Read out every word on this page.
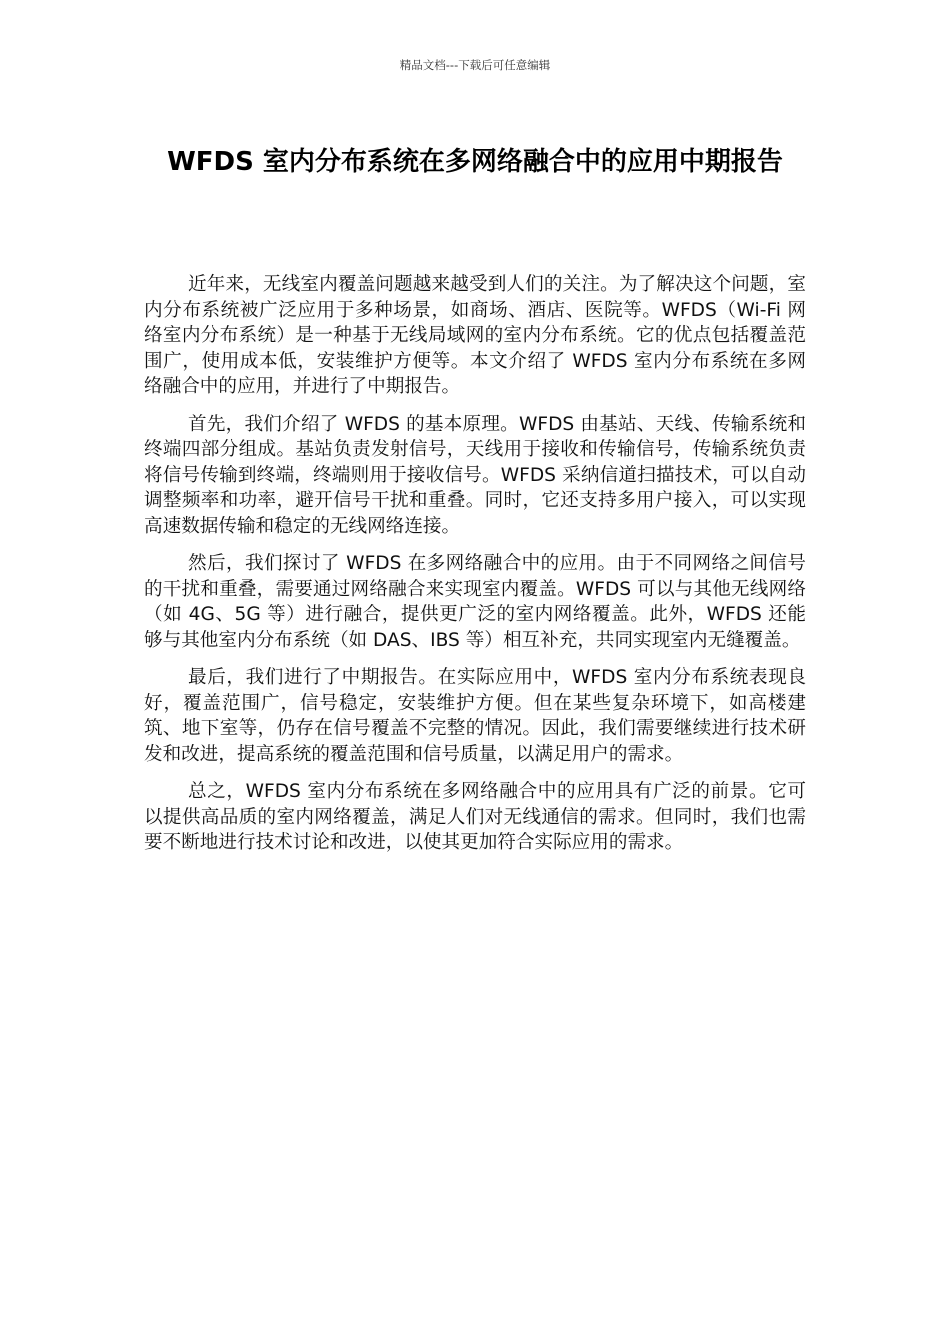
精品文档---下载后可任意编辑
WFDS 室内分布系统在多网络融合中的应用中期报告

近年来，无线室内覆盖问题越来越受到人们的关注。为了解决这个问题，室内分布系统被广泛应用于多种场景，如商场、酒店、医院等。WFDS（Wi-Fi 网络室内分布系统）是一种基于无线局域网的室内分布系统。它的优点包括覆盖范围广，使用成本低，安装维护方便等。本文介绍了 WFDS 室内分布系统在多网络融合中的应用，并进行了中期报告。

首先，我们介绍了 WFDS 的基本原理。WFDS 由基站、天线、传输系统和终端四部分组成。基站负责发射信号，天线用于接收和传输信号，传输系统负责将信号传输到终端，终端则用于接收信号。WFDS 采纳信道扫描技术，可以自动调整频率和功率，避开信号干扰和重叠。同时，它还支持多用户接入，可以实现高速数据传输和稳定的无线网络连接。

然后，我们探讨了 WFDS 在多网络融合中的应用。由于不同网络之间信号的干扰和重叠，需要通过网络融合来实现室内覆盖。WFDS 可以与其他无线网络（如 4G、5G 等）进行融合，提供更广泛的室内网络覆盖。此外，WFDS 还能够与其他室内分布系统（如 DAS、IBS 等）相互补充，共同实现室内无缝覆盖。

最后，我们进行了中期报告。在实际应用中，WFDS 室内分布系统表现良好，覆盖范围广，信号稳定，安装维护方便。但在某些复杂环境下，如高楼建筑、地下室等，仍存在信号覆盖不完整的情况。因此，我们需要继续进行技术研发和改进，提高系统的覆盖范围和信号质量，以满足用户的需求。

总之，WFDS 室内分布系统在多网络融合中的应用具有广泛的前景。它可以提供高品质的室内网络覆盖，满足人们对无线通信的需求。但同时，我们也需要不断地进行技术讨论和改进，以使其更加符合实际应用的需求。
